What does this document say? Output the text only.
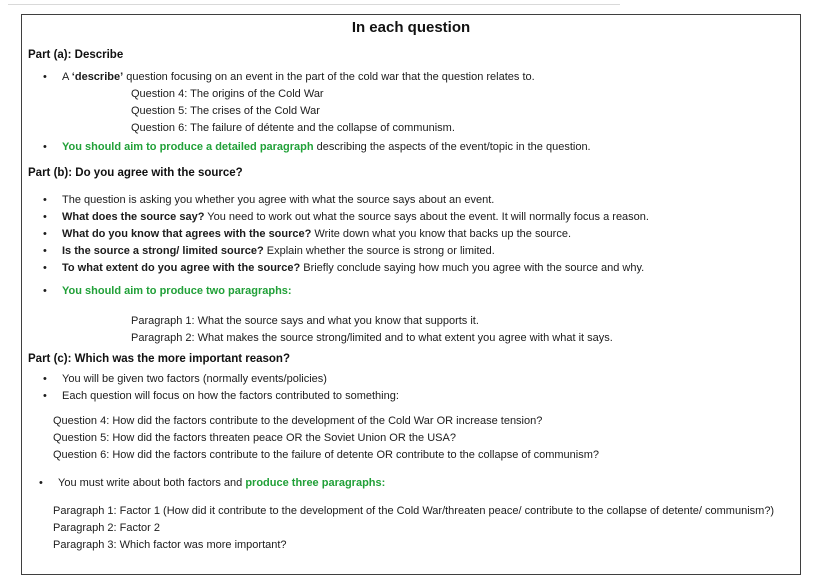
In each question
Part (a): Describe
• A ‘describe’ question focusing on an event in the part of the cold war that the question relates to.
Question 4: The origins of the Cold War
Question 5: The crises of the Cold War
Question 6: The failure of détente and the collapse of communism.
• You should aim to produce a detailed paragraph describing the aspects of the event/topic in the question.
Part (b): Do you agree with the source?
• The question is asking you whether you agree with what the source says about an event.
• What does the source say? You need to work out what the source says about the event. It will normally focus a reason.
• What do you know that agrees with the source? Write down what you know that backs up the source.
• Is the source a strong/ limited source? Explain whether the source is strong or limited.
• To what extent do you agree with the source? Briefly conclude saying how much you agree with the source and why.
• You should aim to produce two paragraphs:
Paragraph 1: What the source says and what you know that supports it.
Paragraph 2: What makes the source strong/limited and to what extent you agree with what it says.
Part (c): Which was the more important reason?
• You will be given two factors (normally events/policies)
• Each question will focus on how the factors contributed to something:
Question 4: How did the factors contribute to the development of the Cold War OR increase tension?
Question 5: How did the factors threaten peace OR the Soviet Union OR the USA?
Question 6: How did the factors contribute to the failure of detente OR contribute to the collapse of communism?
• You must write about both factors and produce three paragraphs:
Paragraph 1: Factor 1 (How did it contribute to the development of the Cold War/threaten peace/ contribute to the collapse of detente/ communism?)
Paragraph 2: Factor 2
Paragraph 3: Which factor was more important?
